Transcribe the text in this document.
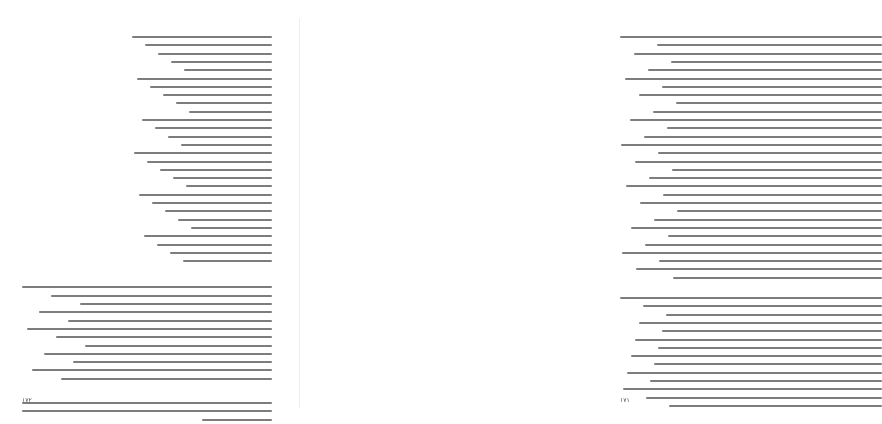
۱۷۲	۱۷۱
